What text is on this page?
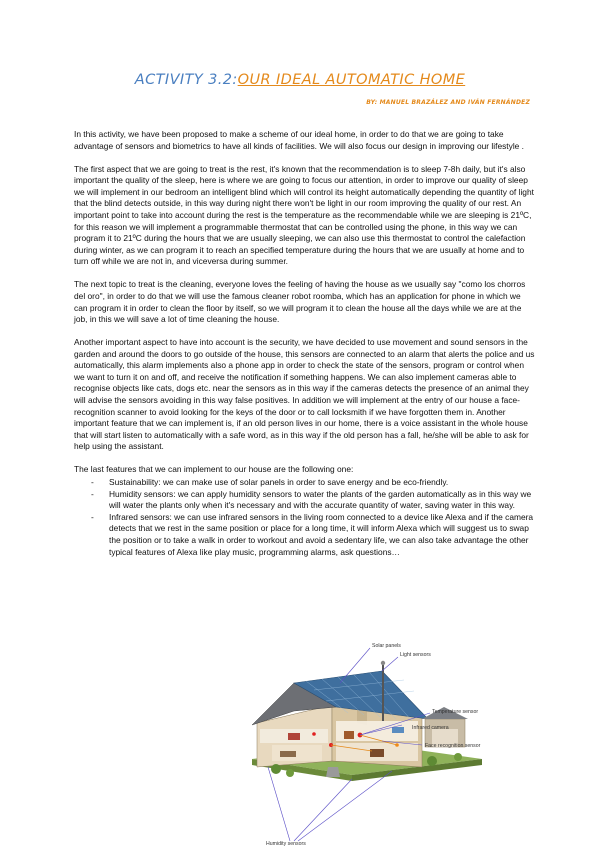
ACTIVITY 3.2:OUR IDEAL AUTOMATIC HOME
BY: MANUEL BRAZÁLEZ AND IVÁN FERNÁNDEZ

In this activity, we have been proposed to make a scheme of our ideal home, in order to do that we are going to take advantage of sensors and biometrics to have all kinds of facilities. We will also focus our design in improving our lifestyle .

The first aspect that we are going to treat is the rest, it's known that the recommendation is to sleep 7-8h daily, but it's also important the quality of the sleep, here is where we are going to focus our attention, in order to improve our quality of sleep we will implement in our bedroom an intelligent blind which will control its height automatically depending the quantity of light that the blind detects outside, in this way during night there won't be light in our room improving the quality of our rest. An important point to take into account during the rest is the temperature as the recommendable while we are sleeping is 21ºC, for this reason we will implement a programmable thermostat that can be controlled using the phone, in this way we can program it to 21ºC during the hours that we are usually sleeping, we can also use this thermostat to control the calefaction during winter, as we can program it to reach an specified temperature during the hours that we are usually at home and to turn off while we are not in, and viceversa during summer.

The next topic to treat is the cleaning, everyone loves the feeling of having the house as we usually say "como los chorros del oro", in order to do that we will use the famous cleaner robot roomba, which has an application for phone in which we can program it in order to clean the floor by itself, so we will program it to clean the house all the days while we are at the job, in this we will save a lot of time cleaning the house.

Another important aspect to have into account is the security, we have decided to use movement and sound sensors in the garden and around the doors to go outside of the house, this sensors are connected to an alarm that alerts the police and us automatically, this alarm implements also a phone app in order to check the state of the sensors, program or control when we want to turn it on and off, and receive the notification if something happens. We can also implement cameras able to recognise objects like cats, dogs etc. near the sensors as in this way if the cameras detects the presence of an animal they will advise the sensors avoiding in this way false positives. In addition we will implement at the entry of our house a face-recognition scanner to avoid looking for the keys of the door or to call locksmith if we have forgotten them in. Another important feature that we can implement is, if an old person lives in our home, there is a voice assistant in the whole house that will start listen to automatically with a safe word, as in this way if the old person has a fall, he/she will be able to ask for help using the assistant.

The last features that we can implement to our house are the following one:
- Sustainability: we can make use of solar panels in order to save energy and be eco-friendly.
- Humidity sensors: we can apply humidity sensors to water the plants of the garden automatically as in this way we will water the plants only when it's necessary and with the accurate quantity of water, saving water in this way.
- Infrared sensors: we can use infrared sensors in the living room connected to a device like Alexa and if the camera detects that we rest in the same position or place for a long time, it will inform Alexa which will suggest us to swap the position or to take a walk in order to workout and avoid a sedentary life, we can also take advantage the other typical features of Alexa like play music, programming alarms, ask questions…
Solar panels
Light sensors
Temperature sensor
Infrared camera
Face recognition sensor
Humidity sensors
